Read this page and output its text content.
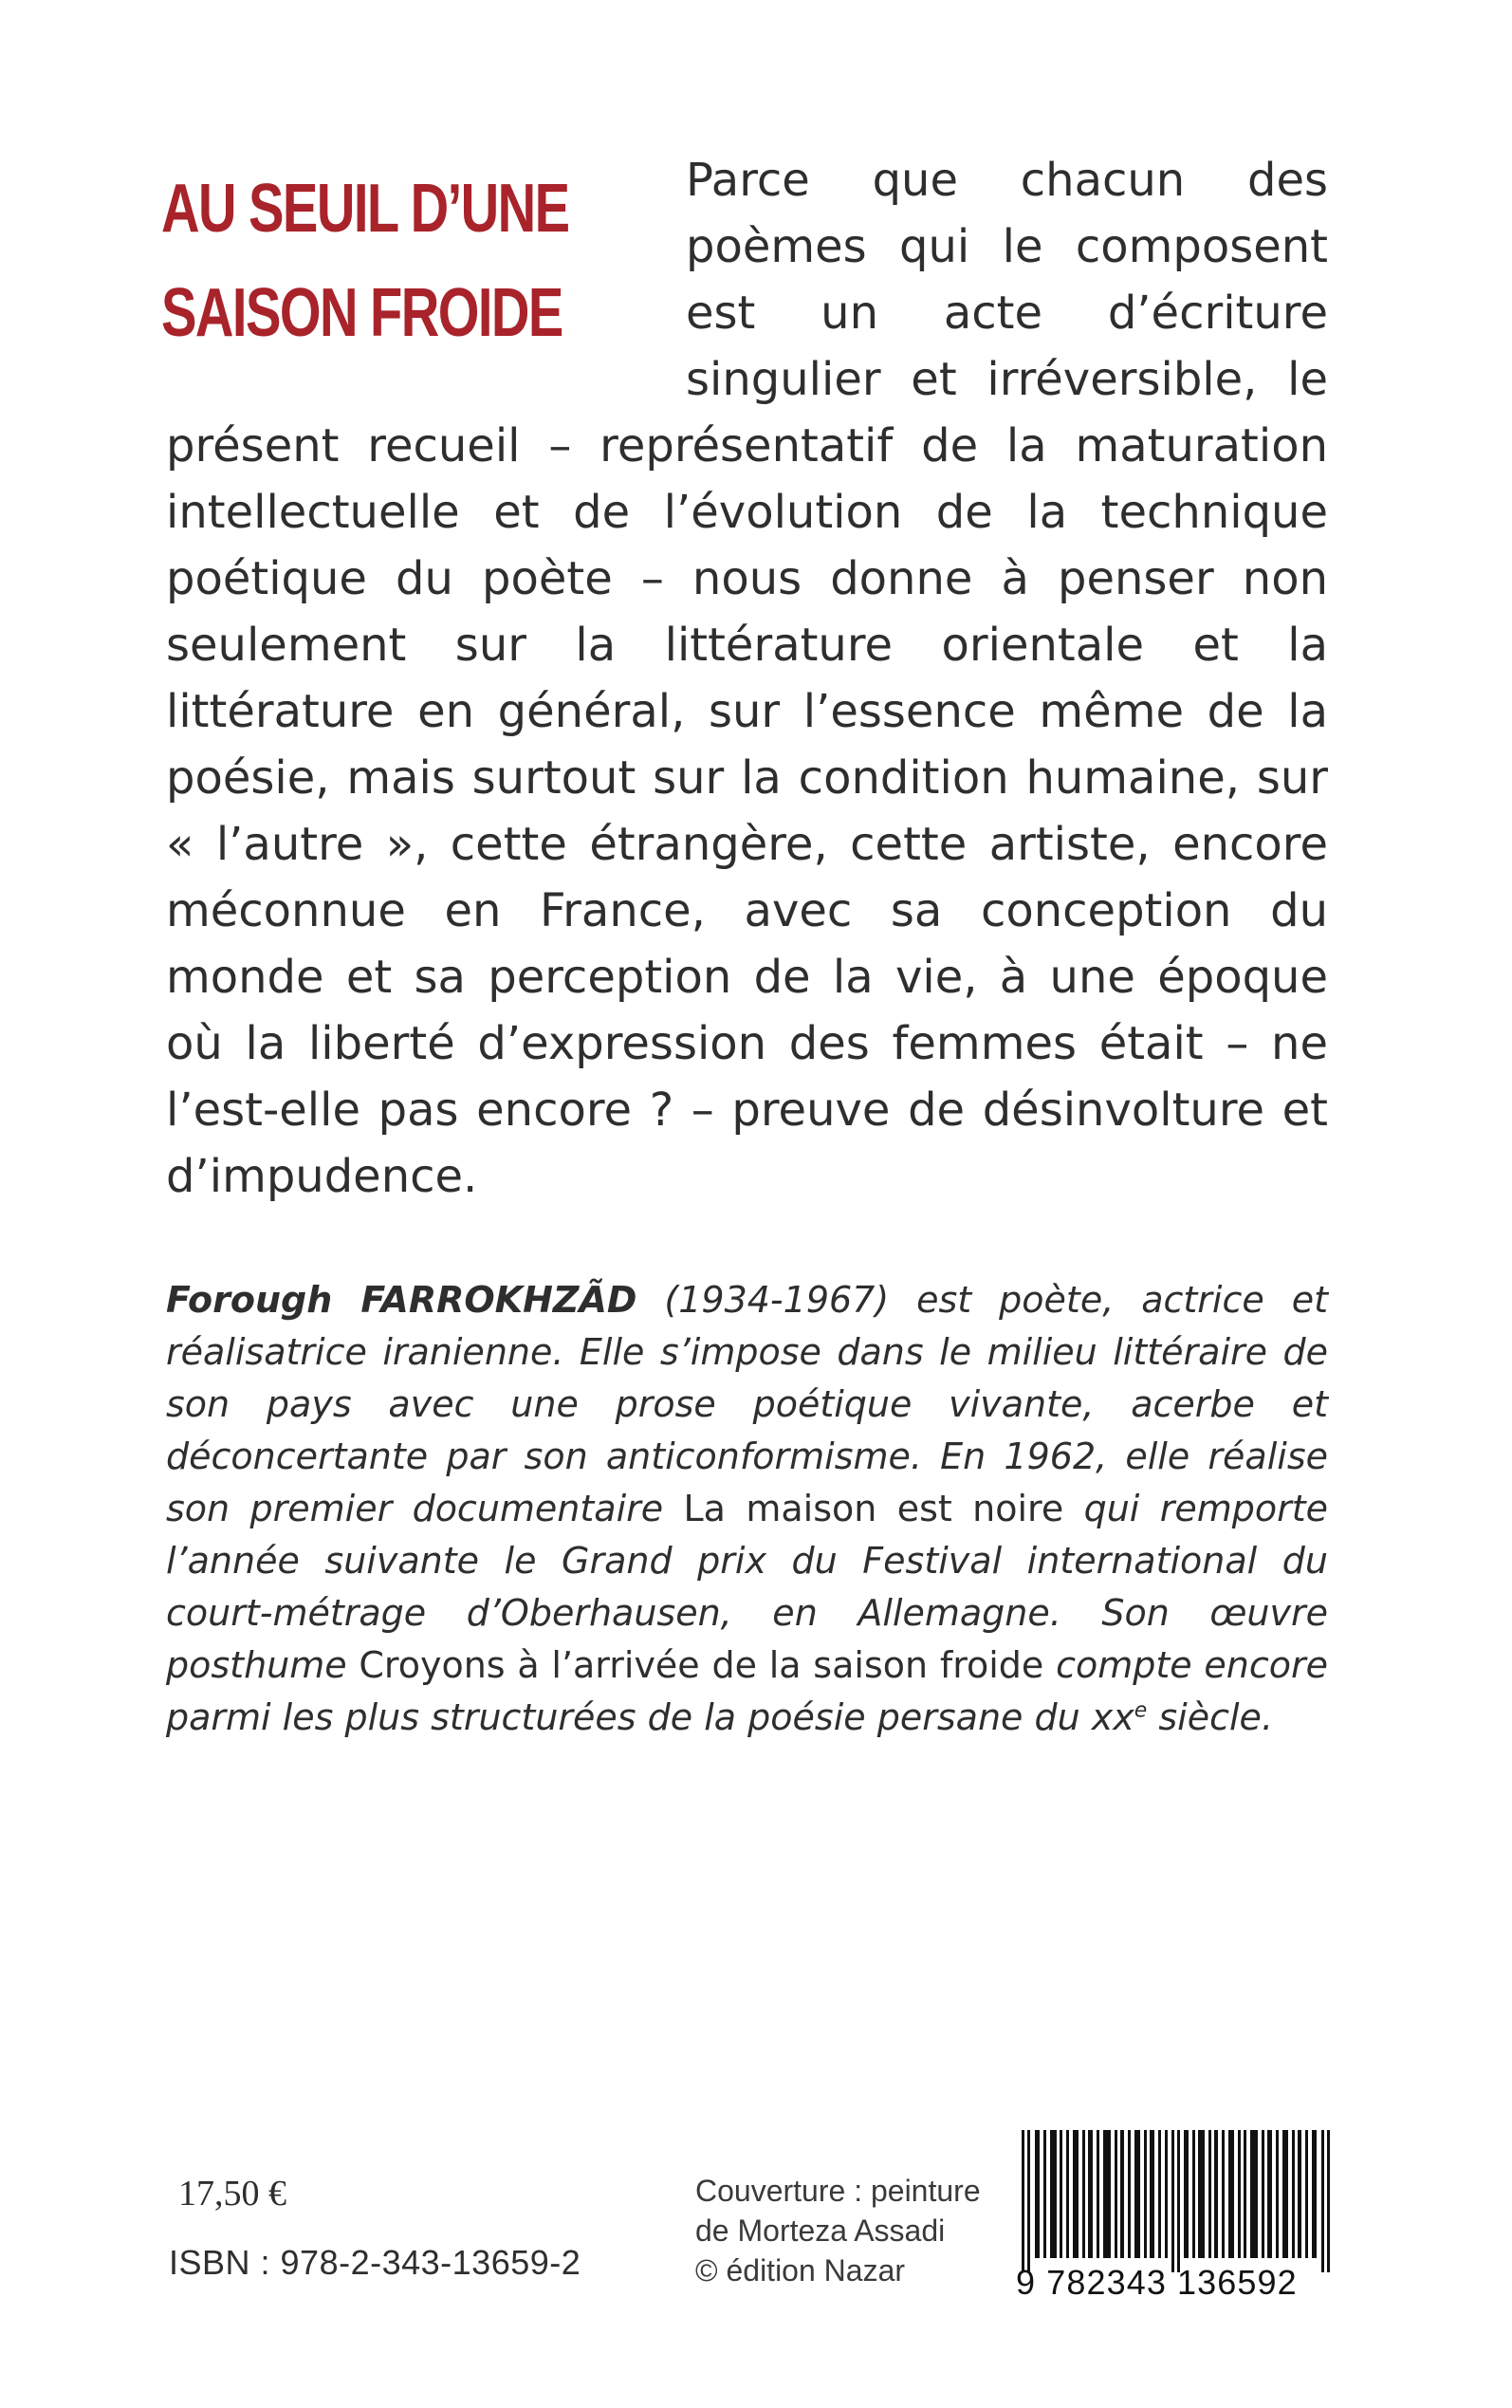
AU SEUIL D’UNE
SAISON FROIDE

Parce que chacun des poèmes qui le composent est un acte d’écriture singulier et irréversible, le présent recueil – représentatif de la maturation intellectuelle et de l’évolution de la technique poétique du poète – nous donne à penser non seulement sur la littérature orientale et la littérature en général, sur l’essence même de la poésie, mais surtout sur la condition humaine, sur « l’autre », cette étrangère, cette artiste, encore méconnue en France, avec sa conception du monde et sa perception de la vie, à une époque où la liberté d’expression des femmes était – ne l’est-elle pas encore ? – preuve de désinvolture et d’impudence.

Forough FARROKHZÃD (1934-1967) est poète, actrice et réalisatrice iranienne. Elle s’impose dans le milieu littéraire de son pays avec une prose poétique vivante, acerbe et déconcertante par son anticonformisme. En 1962, elle réalise son premier documentaire La maison est noire qui remporte l’année suivante le Grand prix du Festival international du court-métrage d’Oberhausen, en Allemagne. Son œuvre posthume Croyons à l’arrivée de la saison froide compte encore parmi les plus structurées de la poésie persane du $xx^e$ siècle.

17,50 €
ISBN : 978-2-343-13659-2
Couverture : peinture
de Morteza Assadi
© édition Nazar	9 782343 136592
